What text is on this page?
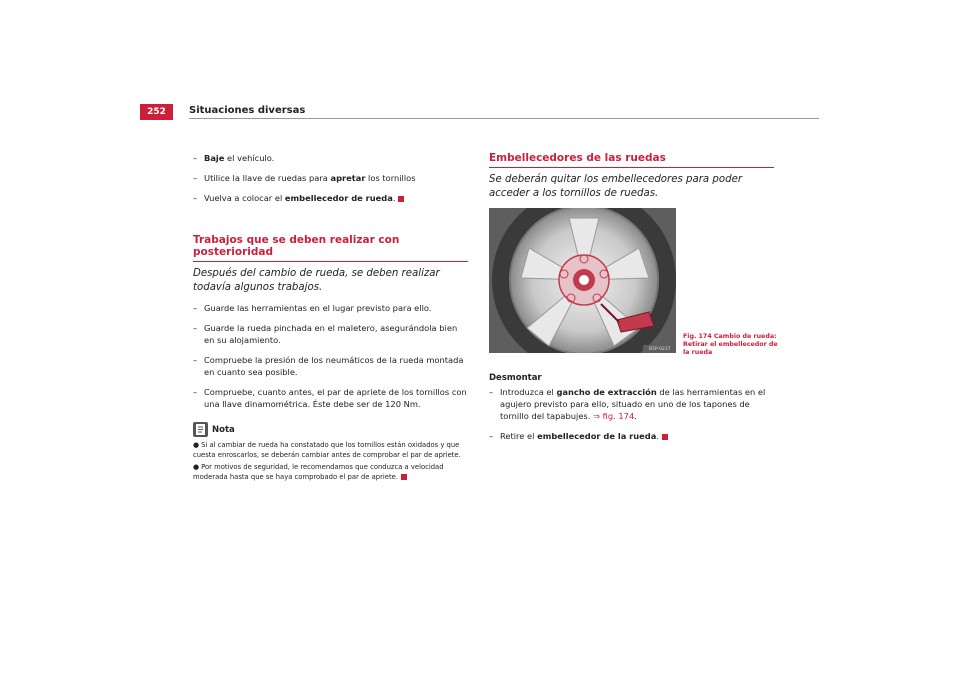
252	Situaciones diversas
– Baje el vehículo.
– Utilice la llave de ruedas para apretar los tornillos
– Vuelva a colocar el embellecedor de rueda.
Trabajos que se deben realizar con posterioridad
Después del cambio de rueda, se deben realizar todavía algunos trabajos.
– Guarde las herramientas en el lugar previsto para ello.
– Guarde la rueda pinchada en el maletero, asegurándola bien en su alojamiento.
– Compruebe la presión de los neumáticos de la rueda montada en cuanto sea posible.
– Compruebe, cuanto antes, el par de apriete de los tornillos con una llave dinamométrica. Éste debe ser de 120 Nm.
Nota
● Si al cambiar de rueda ha constatado que los tornillos están oxidados y que cuesta enroscarlos, se deberán cambiar antes de comprobar el par de apriete.
● Por motivos de seguridad, le recomendamos que conduzca a velocidad moderada hasta que se haya comprobado el par de apriete.
Embellecedores de las ruedas
Se deberán quitar los embellecedores para poder acceder a los tornillos de ruedas.
B5P-0237
Desmontar
– Introduzca el gancho de extracción de las herramientas en el agujero previsto para ello, situado en uno de los tapones de tornillo del tapabujes. ⇒ fig. 174.
– Retire el embellecedor de la rueda.
Fig. 174 Cambio de rueda: Retirar el embellecedor de la rueda
